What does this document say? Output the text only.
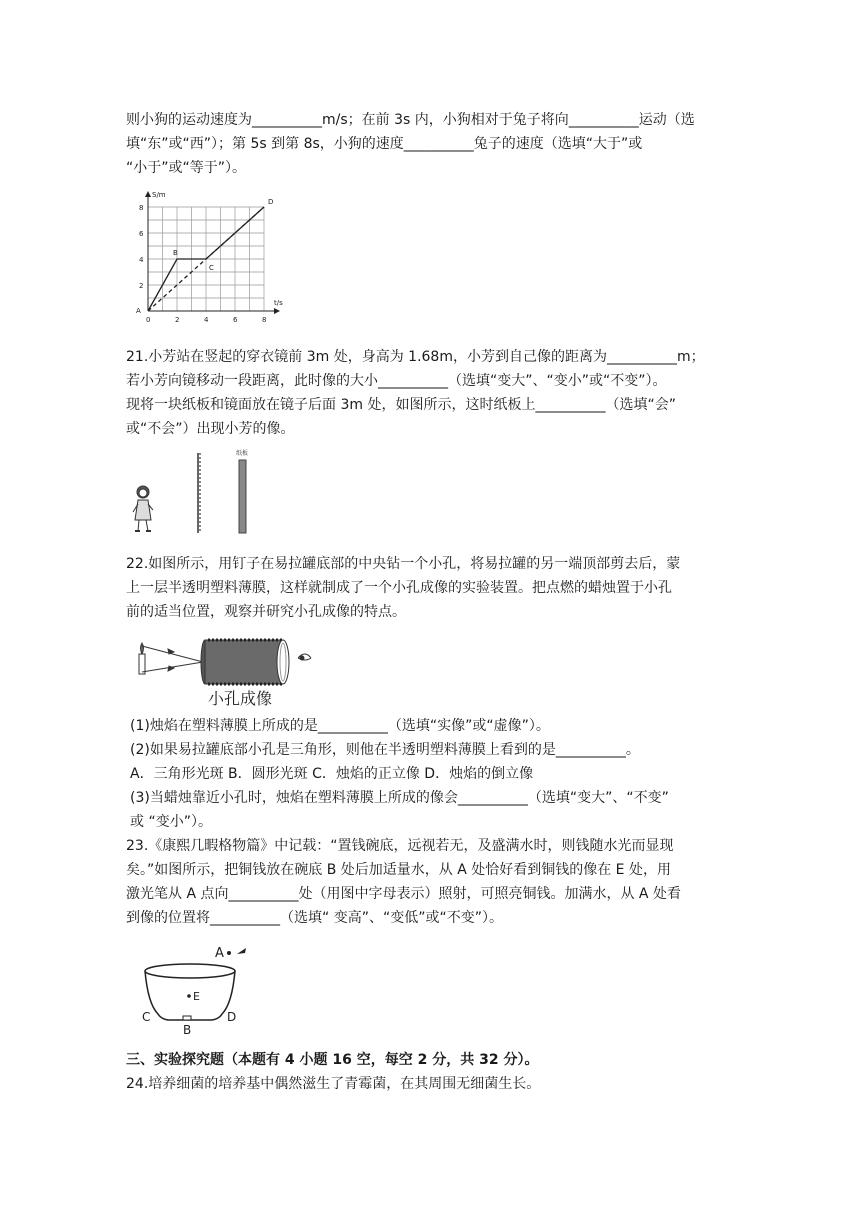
则小狗的运动速度为__________m/s；在前 3s 内，小狗相对于兔子将向__________运动（选
填“东”或“西”）；第 5s 到第 8s，小狗的速度__________兔子的速度（选填“大于”或
“小于”或“等于”）。
0	2	4	6	8
2
4
6
8
S/m
t/s
A
B
C
D
21.小芳站在竖起的穿衣镜前 3m 处，身高为 1.68m，小芳到自己像的距离为__________m；
若小芳向镜移动一段距离，此时像的大小__________（选填“变大”、“变小”或“不变”）。
现将一块纸板和镜面放在镜子后面 3m 处，如图所示，这时纸板上__________（选填“会”
或“不会”）出现小芳的像。
纸板
22.如图所示，用钉子在易拉罐底部的中央钻一个小孔，将易拉罐的另一端顶部剪去后，蒙
上一层半透明塑料薄膜，这样就制成了一个小孔成像的实验装置。把点燃的蜡烛置于小孔
前的适当位置，观察并研究小孔成像的特点。
小孔成像
(1)烛焰在塑料薄膜上所成的是__________（选填“实像”或“虚像”）。
(2)如果易拉罐底部小孔是三角形，则他在半透明塑料薄膜上看到的是__________。
A．三角形光斑 B．圆形光斑 C．烛焰的正立像 D．烛焰的倒立像
(3)当蜡烛靠近小孔时，烛焰在塑料薄膜上所成的像会__________（选填“变大”、“不变”
或 “变小”）。
23.《康熙几暇格物篇》中记载：“置钱碗底，远视若无，及盛满水时，则钱随水光而显现
矣。”如图所示，把铜钱放在碗底 B 处后加适量水，从 A 处恰好看到铜钱的像在 E 处，用
激光笔从 A 点向__________处（用图中字母表示）照射，可照亮铜钱。加满水，从 A 处看
到像的位置将__________（选填“ 变高”、“变低”或“不变”）。
A
E
C	D
B
三、实验探究题（本题有 4 小题 16 空，每空 2 分，共 32 分）。
24.培养细菌的培养基中偶然滋生了青霉菌，在其周围无细菌生长。
